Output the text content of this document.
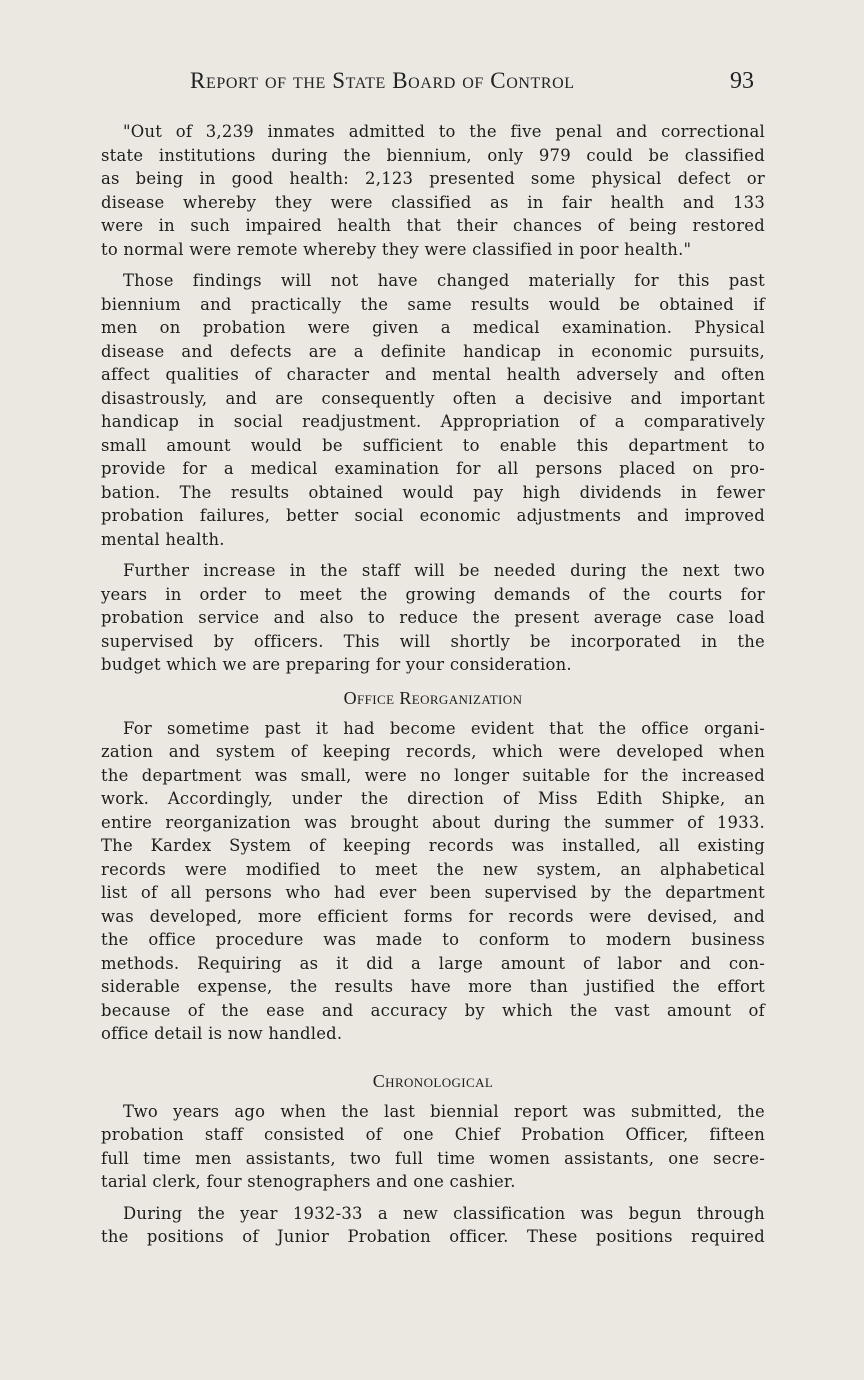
Report of the State Board of Control	93
"Out of 3,239 inmates admitted to the five penal and correctional
state institutions during the biennium, only 979 could be classified
as being in good health: 2,123 presented some physical defect or
disease whereby they were classified as in fair health and 133
were in such impaired health that their chances of being restored
to normal were remote whereby they were classified in poor health."
Those findings will not have changed materially for this past
biennium and practically the same results would be obtained if
men on probation were given a medical examination. Physical
disease and defects are a definite handicap in economic pursuits,
affect qualities of character and mental health adversely and often
disastrously, and are consequently often a decisive and important
handicap in social readjustment. Appropriation of a comparatively
small amount would be sufficient to enable this department to
provide for a medical examination for all persons placed on pro-
bation. The results obtained would pay high dividends in fewer
probation failures, better social economic adjustments and improved
mental health.
Further increase in the staff will be needed during the next two
years in order to meet the growing demands of the courts for
probation service and also to reduce the present average case load
supervised by officers. This will shortly be incorporated in the
budget which we are preparing for your consideration.
Office Reorganization
For sometime past it had become evident that the office organi-
zation and system of keeping records, which were developed when
the department was small, were no longer suitable for the increased
work. Accordingly, under the direction of Miss Edith Shipke, an
entire reorganization was brought about during the summer of 1933.
The Kardex System of keeping records was installed, all existing
records were modified to meet the new system, an alphabetical
list of all persons who had ever been supervised by the department
was developed, more efficient forms for records were devised, and
the office procedure was made to conform to modern business
methods. Requiring as it did a large amount of labor and con-
siderable expense, the results have more than justified the effort
because of the ease and accuracy by which the vast amount of
office detail is now handled.
Chronological
Two years ago when the last biennial report was submitted, the
probation staff consisted of one Chief Probation Officer, fifteen
full time men assistants, two full time women assistants, one secre-
tarial clerk, four stenographers and one cashier.
During the year 1932-33 a new classification was begun through
the positions of Junior Probation officer. These positions required
